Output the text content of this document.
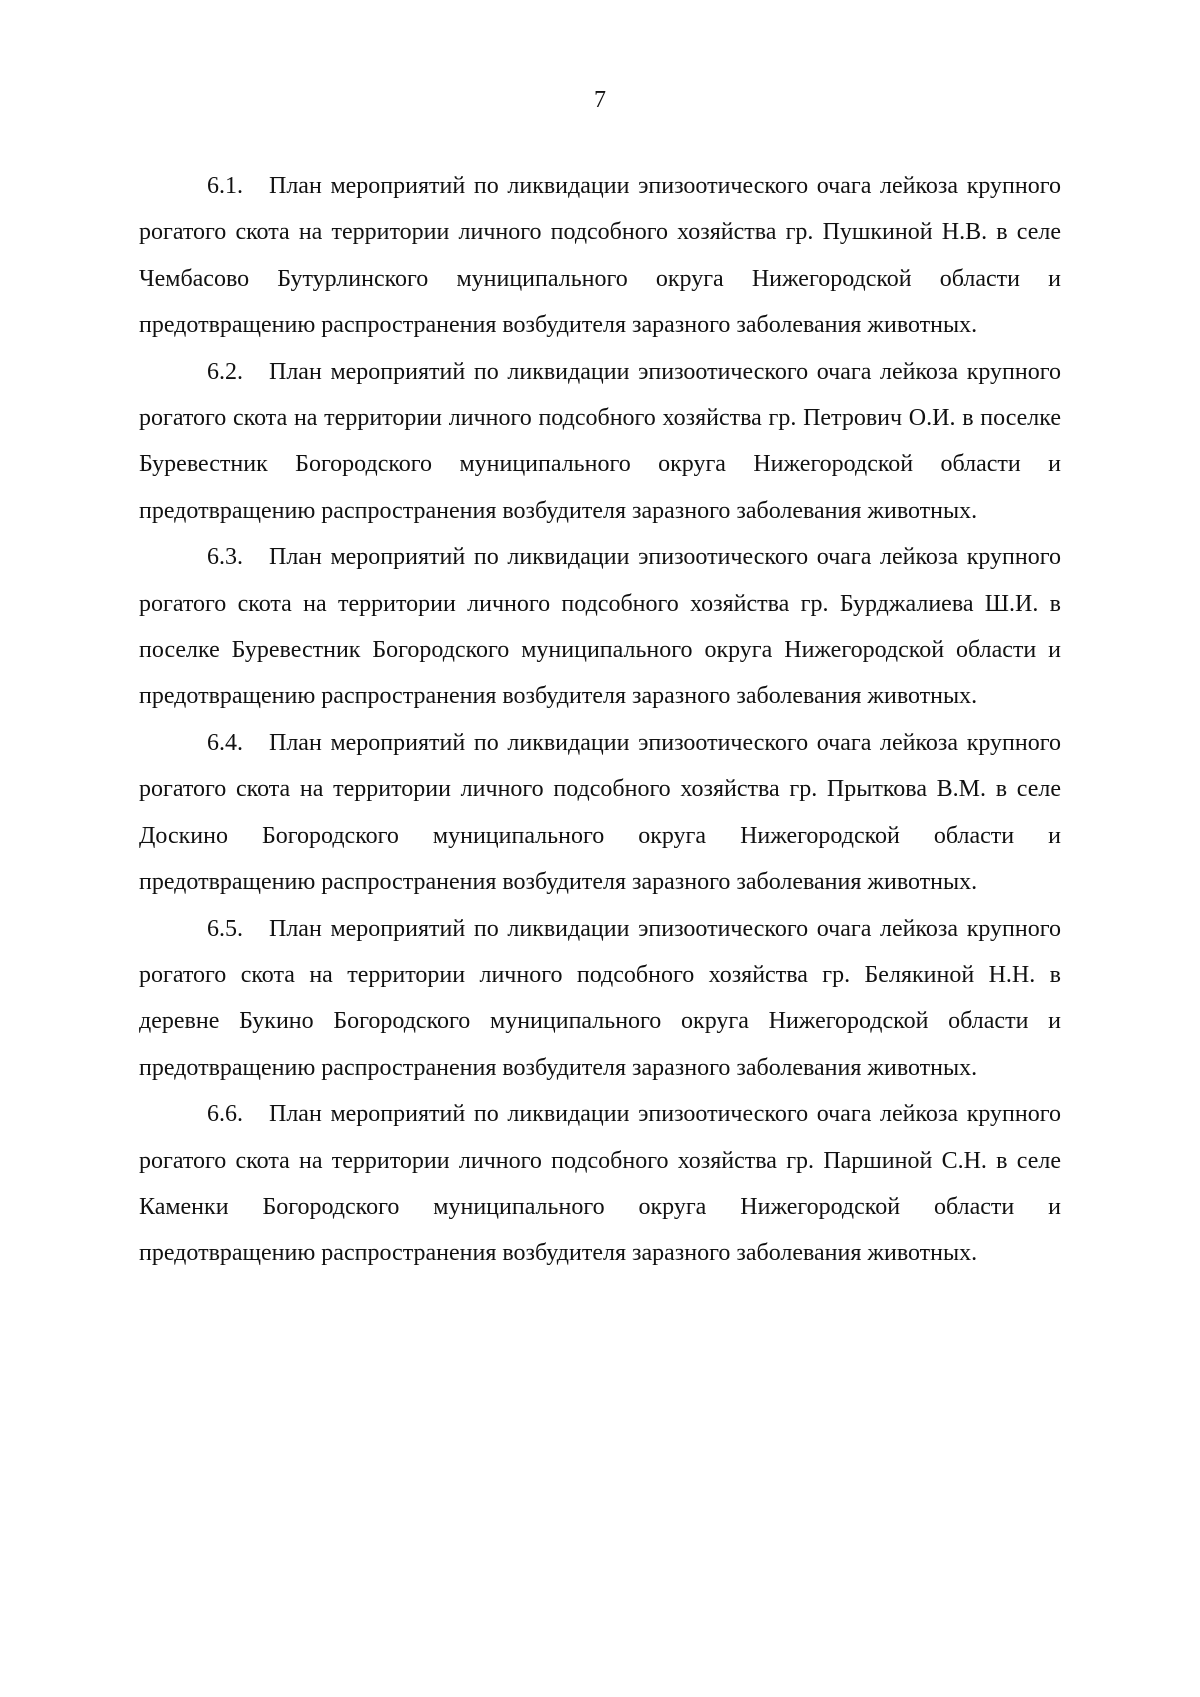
7

6.1. План мероприятий по ликвидации эпизоотического очага лейкоза крупного рогатого скота на территории личного подсобного хозяйства гр. Пушкиной Н.В. в селе Чембасово Бутурлинского муниципального округа Нижегородской области и предотвращению распространения возбудителя заразного заболевания животных.

6.2. План мероприятий по ликвидации эпизоотического очага лейкоза крупного рогатого скота на территории личного подсобного хозяйства гр. Петрович О.И. в поселке Буревестник Богородского муниципального округа Нижегородской области и предотвращению распространения возбудителя заразного заболевания животных.

6.3. План мероприятий по ликвидации эпизоотического очага лейкоза крупного рогатого скота на территории личного подсобного хозяйства гр. Бурджалиева Ш.И. в поселке Буревестник Богородского муниципального округа Нижегородской области и предотвращению распространения возбудителя заразного заболевания животных.

6.4. План мероприятий по ликвидации эпизоотического очага лейкоза крупного рогатого скота на территории личного подсобного хозяйства гр. Прыткова В.М. в селе Доскино Богородского муниципального округа Нижегородской области и предотвращению распространения возбудителя заразного заболевания животных.

6.5. План мероприятий по ликвидации эпизоотического очага лейкоза крупного рогатого скота на территории личного подсобного хозяйства гр. Белякиной Н.Н. в деревне Букино Богородского муниципального округа Нижегородской области и предотвращению распространения возбудителя заразного заболевания животных.

6.6. План мероприятий по ликвидации эпизоотического очага лейкоза крупного рогатого скота на территории личного подсобного хозяйства гр. Паршиной С.Н. в селе Каменки Богородского муниципального округа Нижегородской области и предотвращению распространения возбудителя заразного заболевания животных.
